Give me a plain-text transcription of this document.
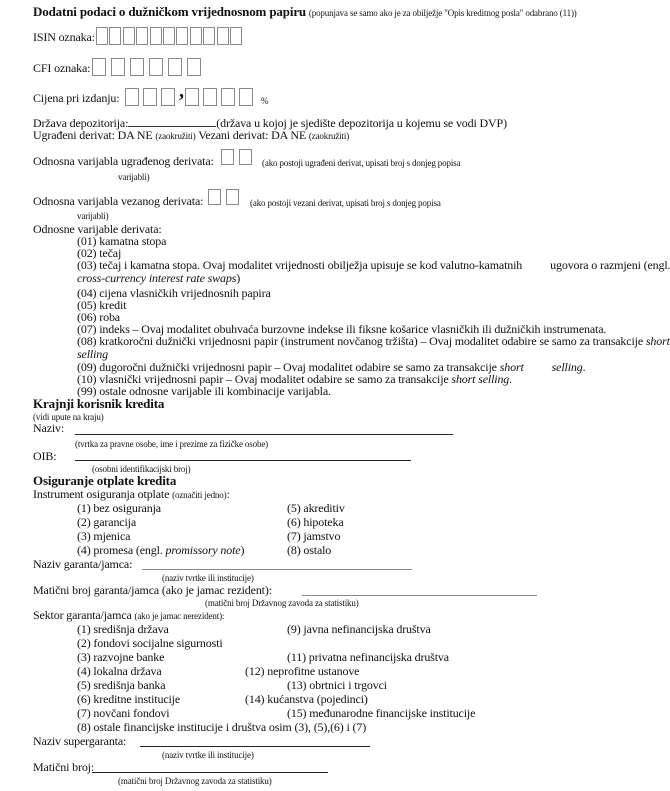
Dodatni podaci o dužničkom vrijednosnom papiru (popunjava se samo ako je za obilježje "Opis kreditnog posla" odabrano (11))
ISIN oznaka:
CFI oznaka:
Cijena pri izdanju:	,	%
Država depozitorija:	(država u kojoj je sjedište depozitorija u kojemu se vodi DVP)
Ugrađeni derivat: DA NE (zaokružiti) Vezani derivat: DA NE (zaokružiti)
Odnosna varijabla ugrađenog derivata:	(ako postoji ugrađeni derivat, upisati broj s donjeg popisa
varijabli)
Odnosna varijabla vezanog derivata:	(ako postoji vezani derivat, upisati broj s donjeg popisa
varijabli)
Odnosne varijable derivata:
(01) kamatna stopa
(02) tečaj
(03) tečaj i kamatna stopa. Ovaj modalitet vrijednosti obilježja upisuje se kod valutno-kamatnih ugovora o razmjeni (engl.
cross-currency interest rate swaps)
(04) cijena vlasničkih vrijednosnih papira
(05) kredit
(06) roba
(07) indeks – Ovaj modalitet obuhvaća burzovne indekse ili fiksne košarice vlasničkih ili dužničkih instrumenata.
(08) kratkoročni dužnički vrijednosni papir (instrument novčanog tržišta) – Ovaj modalitet odabire se samo za transakcije short
selling
(09) dugoročni dužnički vrijednosni papir – Ovaj modalitet odabire se samo za transakcije short selling.
(10) vlasnički vrijednosni papir – Ovaj modalitet odabire se samo za transakcije short selling.
(99) ostale odnosne varijable ili kombinacije varijabla.
Krajnji korisnik kredita
(vidi upute na kraju)
Naziv:
(tvrtka za pravne osobe, ime i prezime za fizičke osobe)
OIB:
(osobni identifikacijski broj)
Osiguranje otplate kredita
Instrument osiguranja otplate (označiti jedno):
(1) bez osiguranja
(2) garancija
(3) mjenica
(4) promesa (engl. promissory note)
(5) akreditiv
(6) hipoteka
(7) jamstvo
(8) ostalo
Naziv garanta/jamca:
(naziv tvrtke ili institucije)
Matični broj garanta/jamca (ako je jamac rezident):
(matični broj Državnog zavoda za statistiku)
Sektor garanta/jamca (ako je jamac nerezident):
(1) središnja država	(9) javna nefinancijska društva
(2) fondovi socijalne sigurnosti
(3) razvojne banke	(11) privatna nefinancijska društva
(4) lokalna država	(12) neprofitne ustanove
(5) središnja banka	(13) obrtnici i trgovci
(6) kreditne institucije	(14) kućanstva (pojedinci)
(7) novčani fondovi	(15) međunarodne financijske institucije
(8) ostale financijske institucije i društva osim (3), (5),(6) i (7)
Naziv supergaranta:
(naziv tvrtke ili institucije)
Matični broj:
(matični broj Državnog zavoda za statistiku)
